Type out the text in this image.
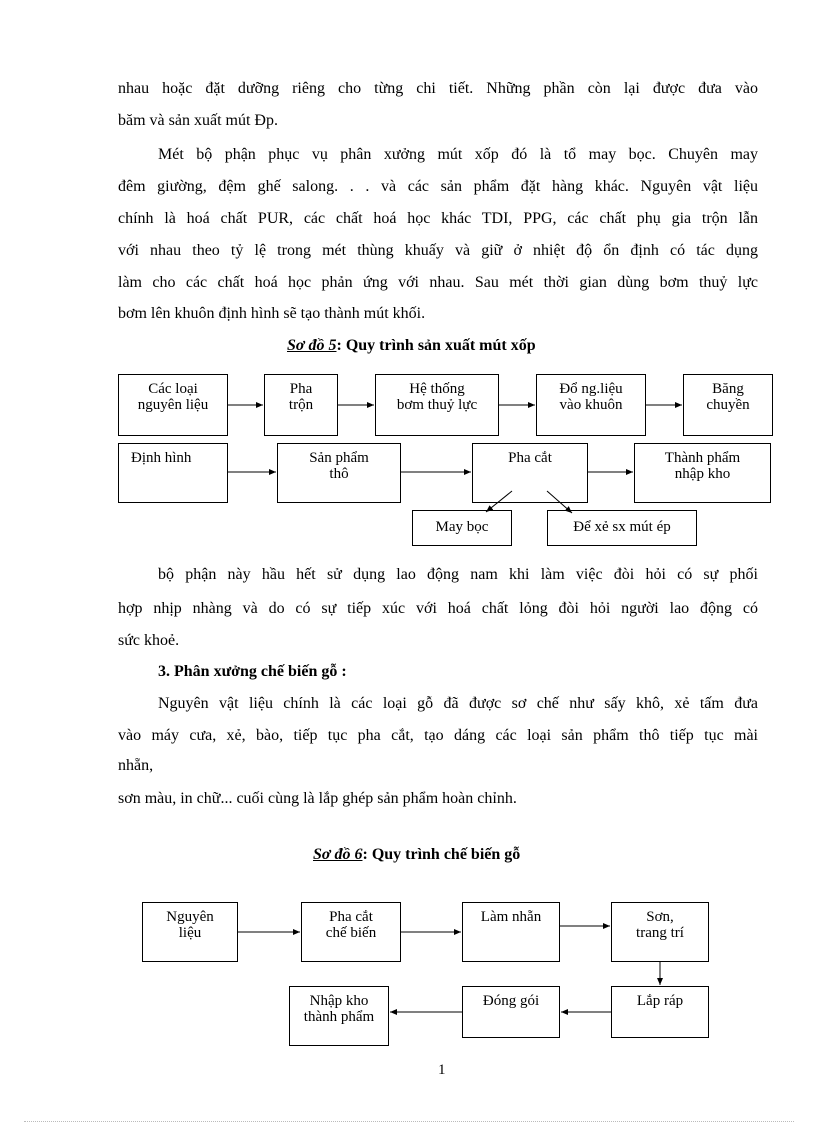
nhau hoặc đặt dưỡng riêng cho từng chi tiết. Những phần còn lại được đưa vào

băm và sản xuất mút Đp.

Mét bộ phận phục vụ phân xưởng mút xốp đó là tổ may bọc. Chuyên may

đêm giường, đệm ghế salong. . . và các sản phẩm đặt hàng khác. Nguyên vật liệu

chính là hoá chất PUR, các chất hoá học khác TDI, PPG, các chất phụ gia trộn lẫn

với nhau theo tỷ lệ trong mét thùng khuấy và giữ ở nhiệt độ ổn định có tác dụng

làm cho các chất hoá học phản ứng với nhau. Sau mét thời gian dùng bơm thuỷ lực

bơm lên khuôn định hình sẽ tạo thành mút khối.

Sơ đồ 5: Quy trình sản xuất mút xốp
Các loại
nguyên liệu
Pha
trộn
Hệ thống
bơm thuỷ lực
Đổ ng.liệu
vào khuôn
Băng
chuyền
Định hình	Sản phẩm
thô
Pha cắt	Thành phẩm
nhập kho
May bọc	Để xẻ sx mút ép

bộ phận này hầu hết sử dụng lao động nam khi làm việc đòi hỏi có sự phối

hợp nhịp nhàng và do có sự tiếp xúc với hoá chất lỏng đòi hỏi người lao động có

sức khoẻ.

3. Phân xưởng chế biến gỗ :

Nguyên vật liệu chính là các loại gỗ đã được sơ chế như sấy khô, xẻ tấm đưa

vào máy cưa, xẻ, bào, tiếp tục pha cắt, tạo dáng các loại sản phẩm thô tiếp tục mài

nhẵn,

sơn màu, in chữ... cuối cùng là lắp ghép sản phẩm hoàn chỉnh.

Sơ đồ 6: Quy trình chế biến gỗ
Nguyên
liệu
Pha cắt
chế biến
Làm nhẵn	Sơn,
trang trí
Lắp ráp
Đóng gói
Nhập kho
thành phẩm
1
